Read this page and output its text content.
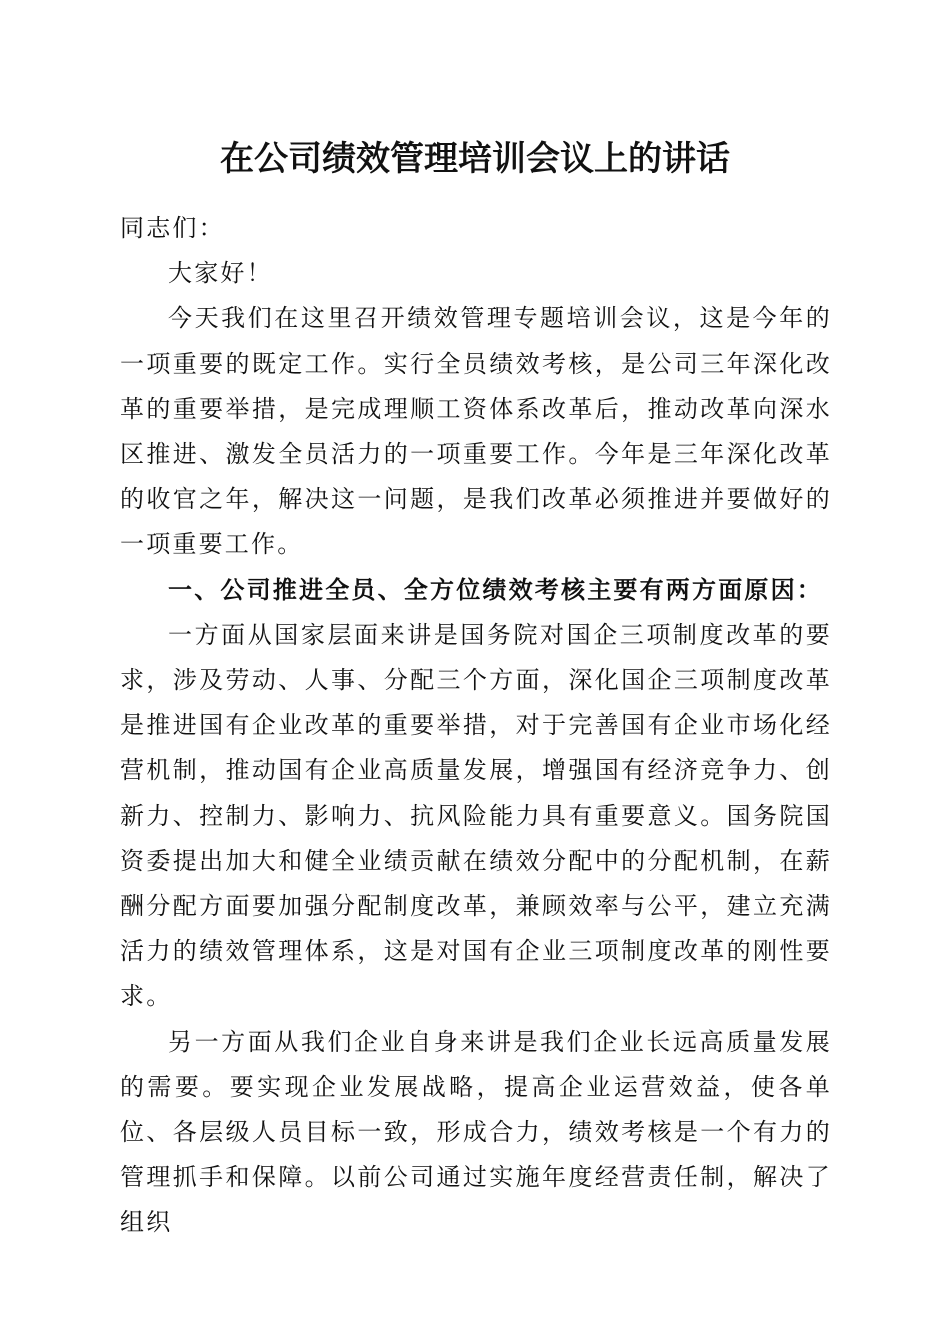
在公司绩效管理培训会议上的讲话

同志们：

大家好！

今天我们在这里召开绩效管理专题培训会议，这是今年的一项重要的既定工作。实行全员绩效考核，是公司三年深化改革的重要举措，是完成理顺工资体系改革后，推动改革向深水区推进、激发全员活力的一项重要工作。今年是三年深化改革的收官之年，解决这一问题，是我们改革必须推进并要做好的一项重要工作。

一、公司推进全员、全方位绩效考核主要有两方面原因：

一方面从国家层面来讲是国务院对国企三项制度改革的要求，涉及劳动、人事、分配三个方面，深化国企三项制度改革是推进国有企业改革的重要举措，对于完善国有企业市场化经营机制，推动国有企业高质量发展，增强国有经济竞争力、创新力、控制力、影响力、抗风险能力具有重要意义。国务院国资委提出加大和健全业绩贡献在绩效分配中的分配机制，在薪酬分配方面要加强分配制度改革，兼顾效率与公平，建立充满活力的绩效管理体系，这是对国有企业三项制度改革的刚性要求。

另一方面从我们企业自身来讲是我们企业长远高质量发展的需要。要实现企业发展战略，提高企业运营效益，使各单位、各层级人员目标一致，形成合力，绩效考核是一个有力的管理抓手和保障。以前公司通过实施年度经营责任制，解决了组织
